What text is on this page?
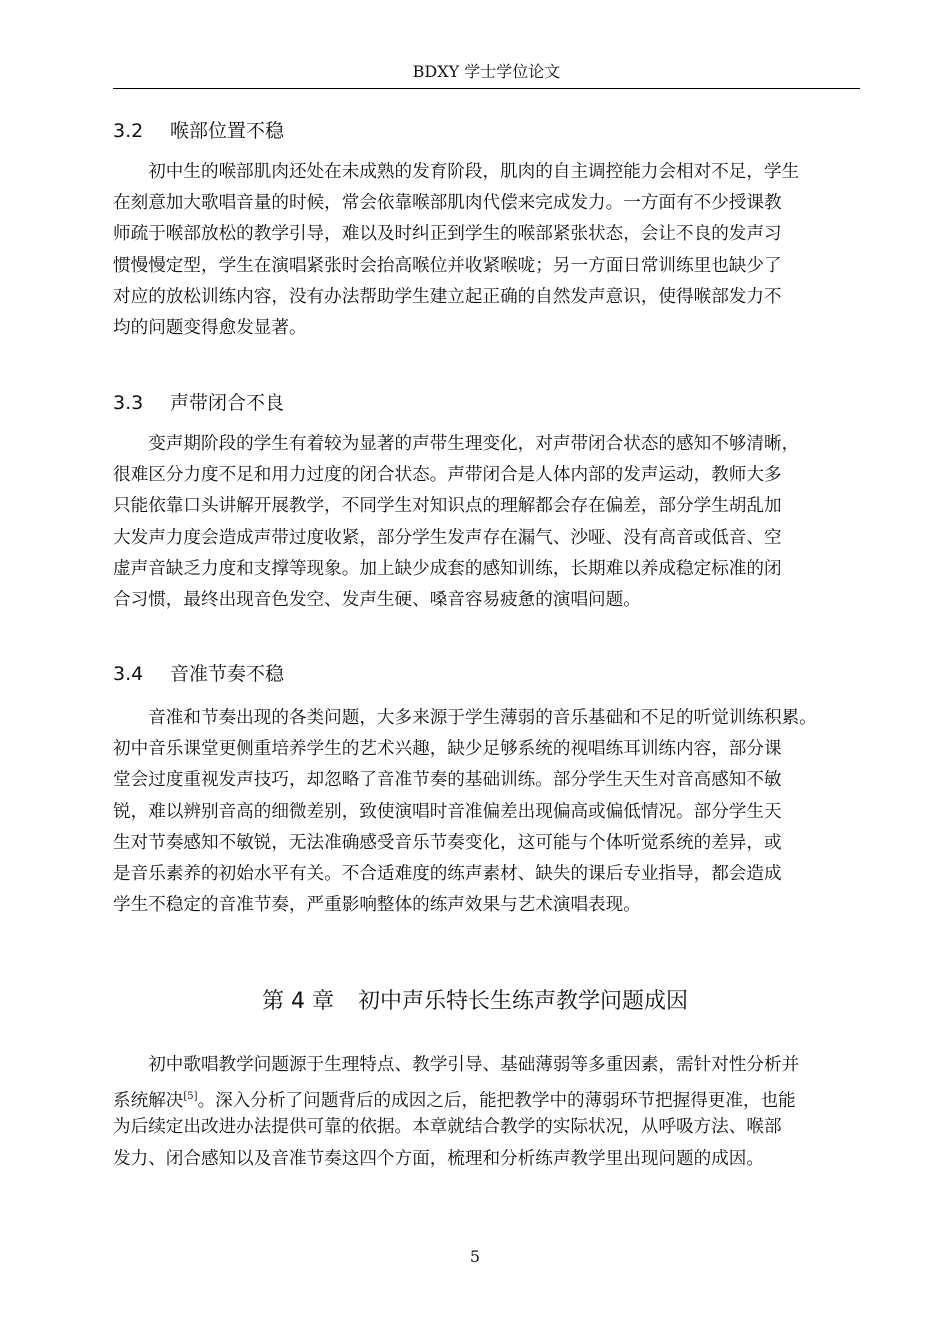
BDXY 学士学位论文
3.2 喉部位置不稳
　　初中生的喉部肌肉还处在未成熟的发育阶段，肌肉的自主调控能力会相对不足，学生
在刻意加大歌唱音量的时候，常会依靠喉部肌肉代偿来完成发力。一方面有不少授课教
师疏于喉部放松的教学引导，难以及时纠正到学生的喉部紧张状态，会让不良的发声习
惯慢慢定型，学生在演唱紧张时会抬高喉位并收紧喉咙；另一方面日常训练里也缺少了
对应的放松训练内容，没有办法帮助学生建立起正确的自然发声意识，使得喉部发力不
均的问题变得愈发显著。
3.3 声带闭合不良
　　变声期阶段的学生有着较为显著的声带生理变化，对声带闭合状态的感知不够清晰，
很难区分力度不足和用力过度的闭合状态。声带闭合是人体内部的发声运动，教师大多
只能依靠口头讲解开展教学，不同学生对知识点的理解都会存在偏差，部分学生胡乱加
大发声力度会造成声带过度收紧，部分学生发声存在漏气、沙哑、没有高音或低音、空
虚声音缺乏力度和支撑等现象。加上缺少成套的感知训练，长期难以养成稳定标准的闭
合习惯，最终出现音色发空、发声生硬、嗓音容易疲惫的演唱问题。
3.4 音准节奏不稳
　　音准和节奏出现的各类问题，大多来源于学生薄弱的音乐基础和不足的听觉训练积累。
初中音乐课堂更侧重培养学生的艺术兴趣，缺少足够系统的视唱练耳训练内容，部分课
堂会过度重视发声技巧，却忽略了音准节奏的基础训练。部分学生天生对音高感知不敏
锐，难以辨别音高的细微差别，致使演唱时音准偏差出现偏高或偏低情况。部分学生天
生对节奏感知不敏锐，无法准确感受音乐节奏变化，这可能与个体听觉系统的差异，或
是音乐素养的初始水平有关。不合适难度的练声素材、缺失的课后专业指导，都会造成
学生不稳定的音准节奏，严重影响整体的练声效果与艺术演唱表现。
第 4 章 初中声乐特长生练声教学问题成因
　　初中歌唱教学问题源于生理特点、教学引导、基础薄弱等多重因素，需针对性分析并
系统解决[5]。深入分析了问题背后的成因之后，能把教学中的薄弱环节把握得更准，也能
为后续定出改进办法提供可靠的依据。本章就结合教学的实际状况，从呼吸方法、喉部
发力、闭合感知以及音准节奏这四个方面，梳理和分析练声教学里出现问题的成因。
5
